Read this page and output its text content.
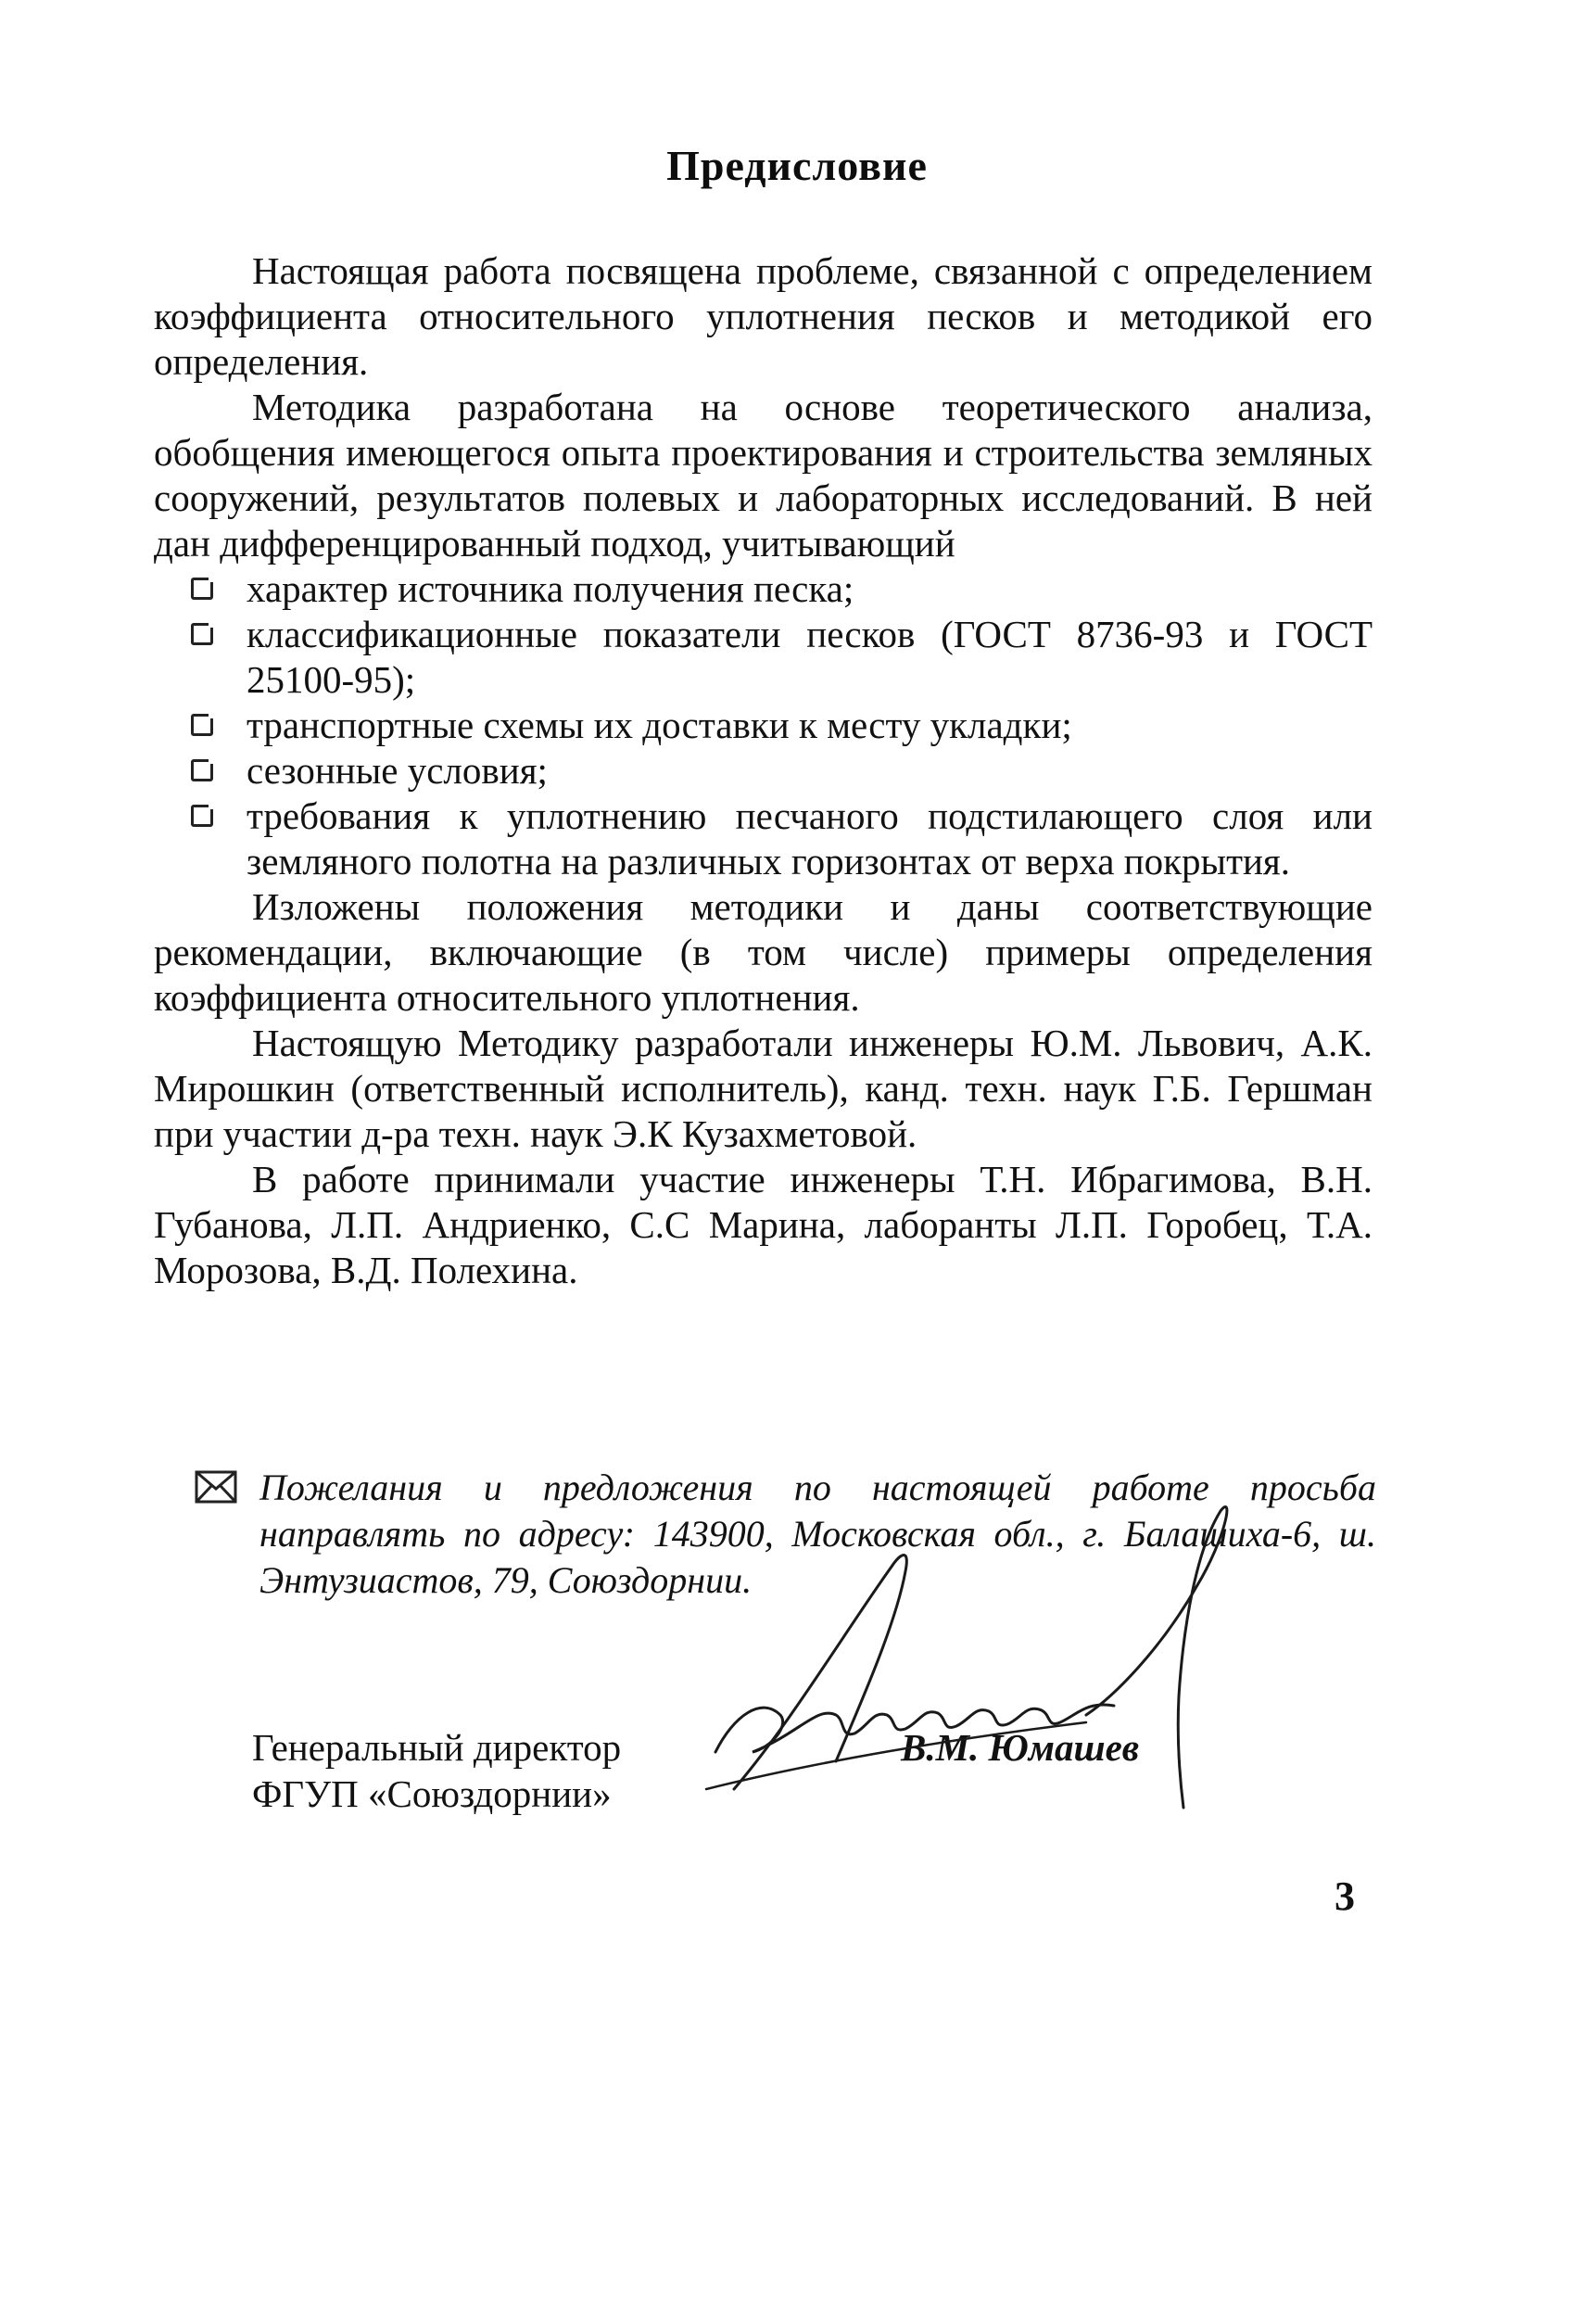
Предисловие

Настоящая работа посвящена проблеме, связанной с определением коэффициента относительного уплотнения песков и методикой его определения.

Методика разработана на основе теоретического анализа, обобщения имеющегося опыта проектирования и строительства земляных сооружений, результатов полевых и лабораторных исследований. В ней дан дифференцированный подход, учитывающий

характер источника получения песка;
классификационные показатели песков (ГОСТ 8736-93 и ГОСТ 25100-95);
транспортные схемы их доставки к месту укладки;
сезонные условия;
требования к уплотнению песчаного подстилающего слоя или земляного полотна на различных горизонтах от верха покрытия.

Изложены положения методики и даны соответствующие рекомендации, включающие (в том числе) примеры определения коэффициента относительного уплотнения.

Настоящую Методику разработали инженеры Ю.М. Львович, А.К. Мирошкин (ответственный исполнитель), канд. техн. наук Г.Б. Гершман при участии д-ра техн. наук Э.К Кузахметовой.

В работе принимали участие инженеры Т.Н. Ибрагимова, В.Н. Губанова, Л.П. Андриенко, С.С Марина, лаборанты Л.П. Горобец, Т.А. Морозова, В.Д. Полехина.

Пожелания и предложения по настоящей работе просьба направлять по адресу: 143900, Московская обл., г. Балашиха-6, ш. Энтузиастов, 79, Союздорнии.
Генеральный директор
ФГУП «Союздорнии»
В.М. Юмашев
3
